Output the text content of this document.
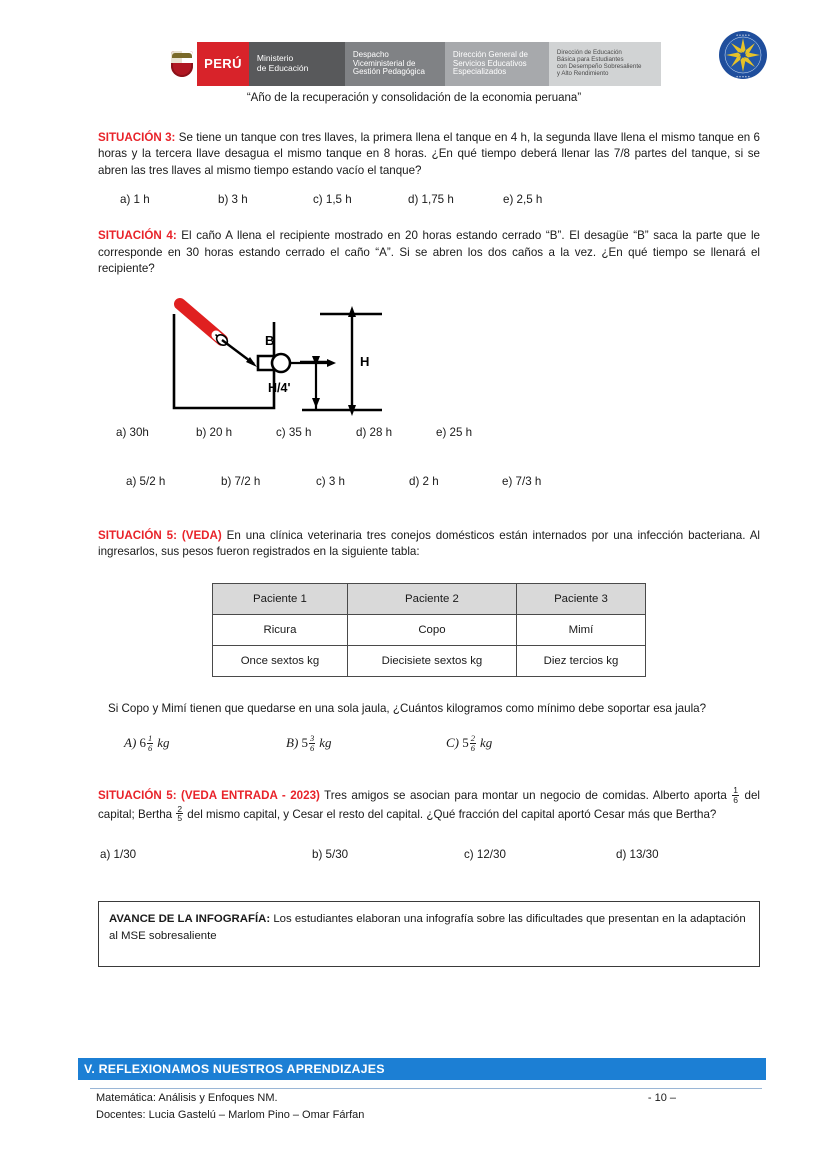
PERÚ	Ministerio
de Educación
Despacho
Viceministerial de
Gestión Pedagógica
Dirección General de
Servicios Educativos
Especializados
Dirección de Educación
Básica para Estudiantes
con Desempeño Sobresaliente
y Alto Rendimiento
★ ★ ★ ★ ★
★ ★ ★ ★ ★
“Año de la recuperación y consolidación de la economia peruana”

SITUACIÓN 3: Se tiene un tanque con tres llaves, la primera llena el tanque en 4 h, la segunda llave llena el mismo tanque en 6 horas y la tercera llave desagua el mismo tanque en 8 horas. ¿En qué tiempo deberá llenar las 7/8 partes del tanque, si se abren las tres llaves al mismo tiempo estando vacío el tanque?

a) 1 h	b) 3 h	c) 1,5 h	d) 1,75 h	e) 2,5 h

SITUACIÓN 4: El caño A llena el recipiente mostrado en 20 horas estando cerrado “B”. El desagüe “B” saca la parte que le corresponde en 30 horas estando cerrado el caño “A”. Si se abren los dos caños a la vez. ¿En qué tiempo se llenará el recipiente?

B
H
H/4'
a) 30h	b) 20 h	c) 35 h	d) 28 h	e) 25 h
a) 5/2 h	b) 7/2 h	c) 3 h	d) 2 h	e) 7/3 h

SITUACIÓN 5: (VEDA) En una clínica veterinaria tres conejos domésticos están internados por una infección bacteriana. Al ingresarlos, sus pesos fueron registrados en la siguiente tabla:

Paciente 1	Paciente 2	Paciente 3
Ricura	Copo	Mimí
Once sextos kg	Diecisiete sextos kg	Diez tercios kg

Si Copo y Mimí tienen que quedarse en una sola jaula, ¿Cuántos kilogramos como mínimo debe soportar esa jaula?

A) $6 \frac{1}{6}$ kg	B) $5 \frac{3}{6}$ kg	C) $5 \frac{2}{6}$ kg

SITUACIÓN 5: (VEDA ENTRADA - 2023) Tres amigos se asocian para montar un negocio de comidas. Alberto aporta $\frac{1}{6}$ del capital; Bertha $\frac{2}{5}$ del mismo capital, y Cesar el resto del capital. ¿Qué fracción del capital aportó Cesar más que Bertha?

a) 1/30	b) 5/30	c) 12/30	d) 13/30
AVANCE DE LA INFOGRAFÍA: Los estudiantes elaboran una infografía sobre las dificultades que presentan en la adaptación al MSE sobresaliente
V. REFLEXIONAMOS NUESTROS APRENDIZAJES
Matemática: Análisis y Enfoques NM.	- 10 –
Docentes: Lucia Gastelú – Marlom Pino – Omar Fárfan
